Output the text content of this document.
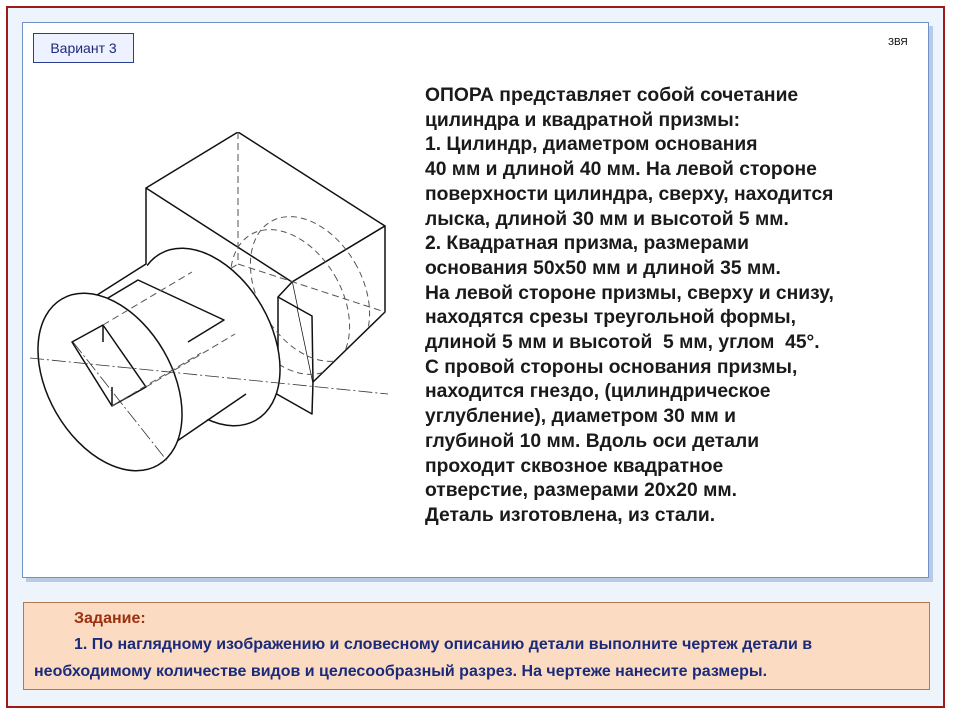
Вариант 3	ЗВЯ
ОПОРА представляет собой сочетание
цилиндра и квадратной призмы:
1. Цилиндр, диаметром основания
40 мм и длиной 40 мм. На левой стороне
поверхности цилиндра, сверху, находится
лыска, длиной 30 мм и высотой 5 мм.
2. Квадратная призма, размерами
основания 50х50 мм и длиной 35 мм.
На левой стороне призмы, сверху и снизу,
находятся срезы треугольной формы,
длиной 5 мм и высотой  5 мм, углом  45°.
С провой стороны основания призмы,
находится гнездо, (цилиндрическое
углубление), диаметром 30 мм и
глубиной 10 мм. Вдоль оси детали
проходит сквозное квадратное
отверстие, размерами 20х20 мм.
Деталь изготовлена, из стали.
Задание:
1. По наглядному изображению и словесному описанию детали выполните чертеж детали в
необходимому количестве видов и целесообразный разрез. На чертеже нанесите размеры.
